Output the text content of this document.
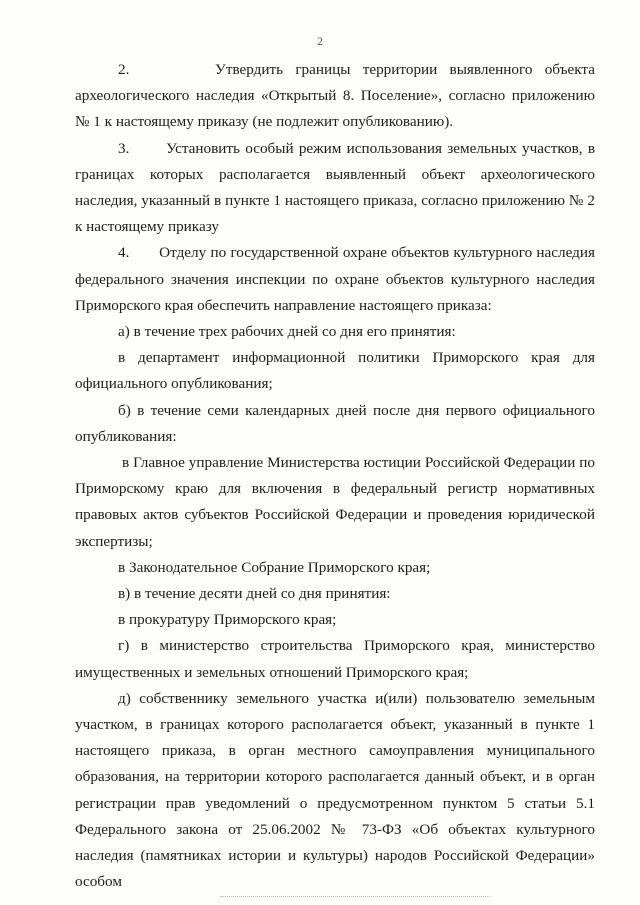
2

2.       Утвердить границы территории выявленного объекта археологического наследия «Открытый 8. Поселение», согласно приложению № 1 к настоящему приказу (не подлежит опубликованию).

3.       Установить особый режим использования земельных участков, в границах которых располагается выявленный объект археологического наследия, указанный в пункте 1 настоящего приказа, согласно приложению № 2 к настоящему приказу

4.       Отделу по государственной охране объектов культурного наследия федерального значения инспекции по охране объектов культурного наследия Приморского края обеспечить направление настоящего приказа:

а) в течение трех рабочих дней со дня его принятия:

в департамент информационной политики Приморского края для официального опубликования;

б) в течение семи календарных дней после дня первого официального опубликования:

в Главное управление Министерства юстиции Российской Федерации по Приморскому краю для включения в федеральный регистр нормативных правовых актов субъектов Российской Федерации и проведения юридической экспертизы;

в Законодательное Собрание Приморского края;

в) в течение десяти дней со дня принятия:

в прокуратуру Приморского края;

г) в министерство строительства Приморского края, министерство имущественных и земельных отношений Приморского края;

д) собственнику земельного участка и(или) пользователю земельным участком, в границах которого располагается объект, указанный в пункте 1 настоящего приказа, в орган местного самоуправления муниципального образования, на территории которого располагается данный объект, и в орган регистрации прав уведомлений о предусмотренном пунктом 5 статьи 5.1 Федерального закона от 25.06.2002 № 73-ФЗ «Об объектах культурного наследия (памятниках истории и культуры) народов Российской Федерации» особом
